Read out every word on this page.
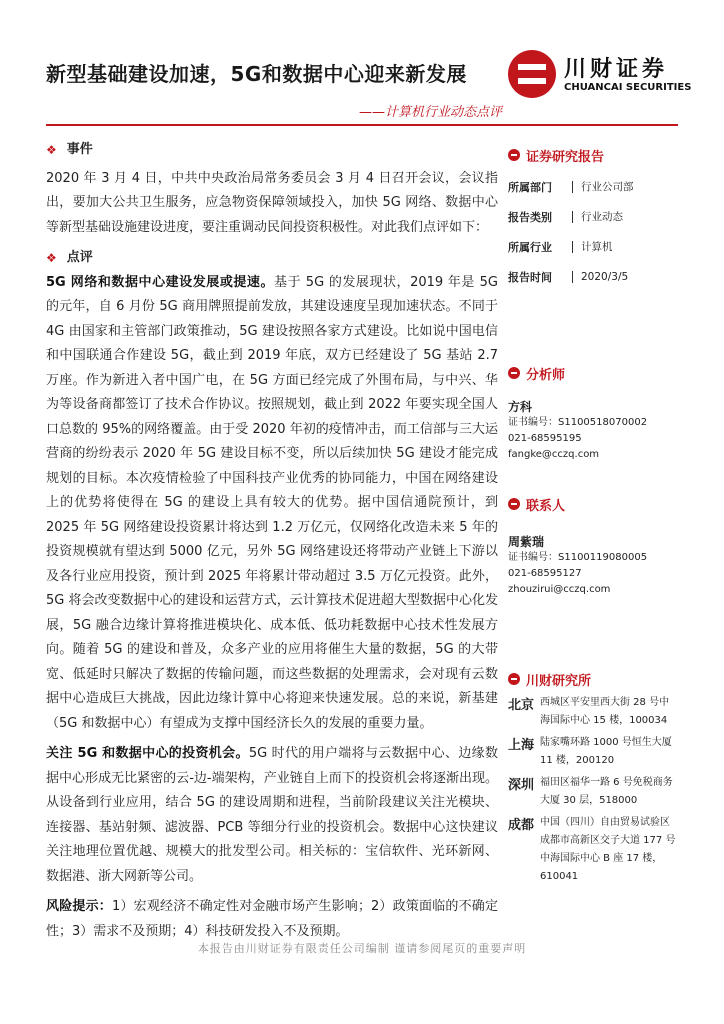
新型基础建设加速，5G和数据中心迎来新发展	川财证券
CHUANCAI SECURITIES
——计算机行业动态点评
❖ 事件

2020 年 3 月 4 日，中共中央政治局常务委员会 3 月 4 日召开会议，会议指出，要加大公共卫生服务，应急物资保障领域投入，加快 5G 网络、数据中心等新型基础设施建设进度，要注重调动民间投资积极性。对此我们点评如下：

❖ 点评

5G 网络和数据中心建设发展或提速。基于 5G 的发展现状，2019 年是 5G 的元年，自 6 月份 5G 商用牌照提前发放，其建设速度呈现加速状态。不同于 4G 由国家和主管部门政策推动，5G 建设按照各家方式建设。比如说中国电信和中国联通合作建设 5G，截止到 2019 年底，双方已经建设了 5G 基站 2.7 万座。作为新进入者中国广电，在 5G 方面已经完成了外围布局，与中兴、华为等设备商都签订了技术合作协议。按照规划，截止到 2022 年要实现全国人口总数的 95%的网络覆盖。由于受 2020 年初的疫情冲击，而工信部与三大运营商的纷纷表示 2020 年 5G 建设目标不变，所以后续加快 5G 建设才能完成规划的目标。本次疫情检验了中国科技产业优秀的协同能力，中国在网络建设上的优势将使得在 5G 的建设上具有较大的优势。据中国信通院预计，到 2025 年 5G 网络建设投资累计将达到 1.2 万亿元，仅网络化改造未来 5 年的投资规模就有望达到 5000 亿元，另外 5G 网络建设还将带动产业链上下游以及各行业应用投资，预计到 2025 年将累计带动超过 3.5 万亿元投资。此外，5G 将会改变数据中心的建设和运营方式，云计算技术促进超大型数据中心化发展，5G 融合边缘计算将推进模块化、成本低、低功耗数据中心技术性发展方向。随着 5G 的建设和普及，众多产业的应用将催生大量的数据，5G 的大带宽、低延时只解决了数据的传输问题，而这些数据的处理需求，会对现有云数据中心造成巨大挑战，因此边缘计算中心将迎来快速发展。总的来说，新基建（5G 和数据中心）有望成为支撑中国经济长久的发展的重要力量。

关注 5G 和数据中心的投资机会。5G 时代的用户端将与云数据中心、边缘数据中心形成无比紧密的云-边-端架构，产业链自上而下的投资机会将逐渐出现。从设备到行业应用，结合 5G 的建设周期和进程，当前阶段建议关注光模块、连接器、基站射频、滤波器、PCB 等细分行业的投资机会。数据中心这快建议关注地理位置优越、规模大的批发型公司。相关标的：宝信软件、光环新网、数据港、浙大网新等公司。

风险提示：1）宏观经济不确定性对金融市场产生影响；2）政策面临的不确定性；3）需求不及预期；4）科技研发投入不及预期。

证券研究报告
所属部门	行业公司部
报告类别	行业动态
所属行业	计算机
报告时间	2020/3/5
分析师
方科
证书编号：S1100518070002
021-68595195
fangke@cczq.com
联系人
周紫瑞
证书编号：S1100119080005
021-68595127
zhouzirui@cczq.com
川财研究所
北京 西城区平安里西大街 28 号中海国际中心 15 楼，100034
上海 陆家嘴环路 1000 号恒生大厦 11 楼，200120
深圳 福田区福华一路 6 号免税商务大厦 30 层，518000
成都 中国（四川）自由贸易试验区成都市高新区交子大道 177 号中海国际中心 B 座 17 楼，610041
本报告由川财证券有限责任公司编制 谨请参阅尾页的重要声明
